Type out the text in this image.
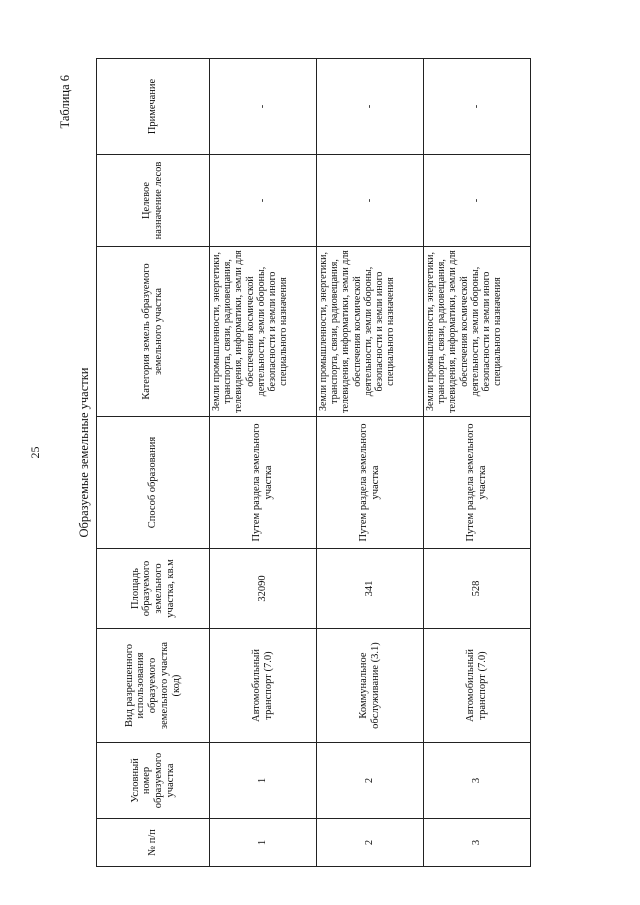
25
Таблица 6
Образуемые земельные участки
№ п/п	Условный номер образуемого участка	Вид разрешенного использования образуемого земельного участка (код)	Площадь образуемого земельного участка, кв.м	Способ образования	Категория земель образуемого земельного участка	Целевое назначение лесов	Примечание
1	1	Автомобильный транспорт (7.0)	32090	Путем раздела земельного участка	Земли промышленности, энергетики, транспорта, связи, радиовещания, телевидения, информатики, земли для обеспечения космической деятельности, земли обороны, безопасности и земли иного специального назначения	-	-
2	2	Коммунальное обслуживание (3.1)	341	Путем раздела земельного участка	Земли промышленности, энергетики, транспорта, связи, радиовещания, телевидения, информатики, земли для обеспечения космической деятельности, земли обороны, безопасности и земли иного специального назначения	-	-
3	3	Автомобильный транспорт (7.0)	528	Путем раздела земельного участка	Земли промышленности, энергетики, транспорта, связи, радиовещания, телевидения, информатики, земли для обеспечения космической деятельности, земли обороны, безопасности и земли иного специального назначения	-	-
